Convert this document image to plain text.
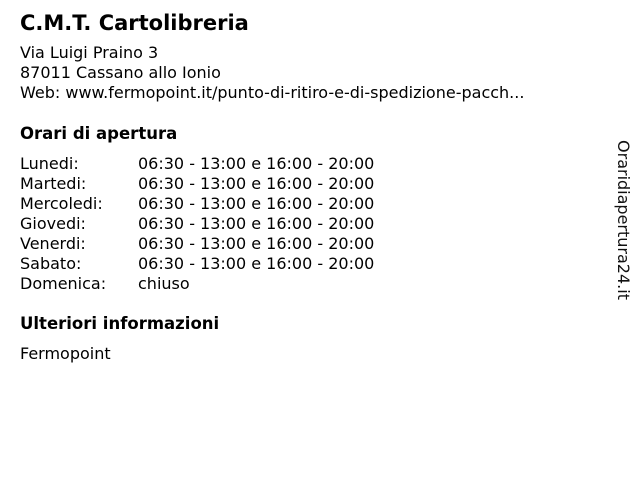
C.M.T. Cartolibreria
Via Luigi Praino 3
87011 Cassano allo Ionio
Web: www.fermopoint.it/punto-di-ritiro-e-di-spedizione-pacch...
Orari di apertura
Lunedi:	06:30 - 13:00 e 16:00 - 20:00
Martedi:	06:30 - 13:00 e 16:00 - 20:00
Mercoledi: 06:30 - 13:00 e 16:00 - 20:00
Giovedi:	06:30 - 13:00 e 16:00 - 20:00
Venerdi:	06:30 - 13:00 e 16:00 - 20:00
Sabato:	06:30 - 13:00 e 16:00 - 20:00
Domenica: chiuso
Ulteriori informazioni
Fermopoint
Oraridiapertura24.it
